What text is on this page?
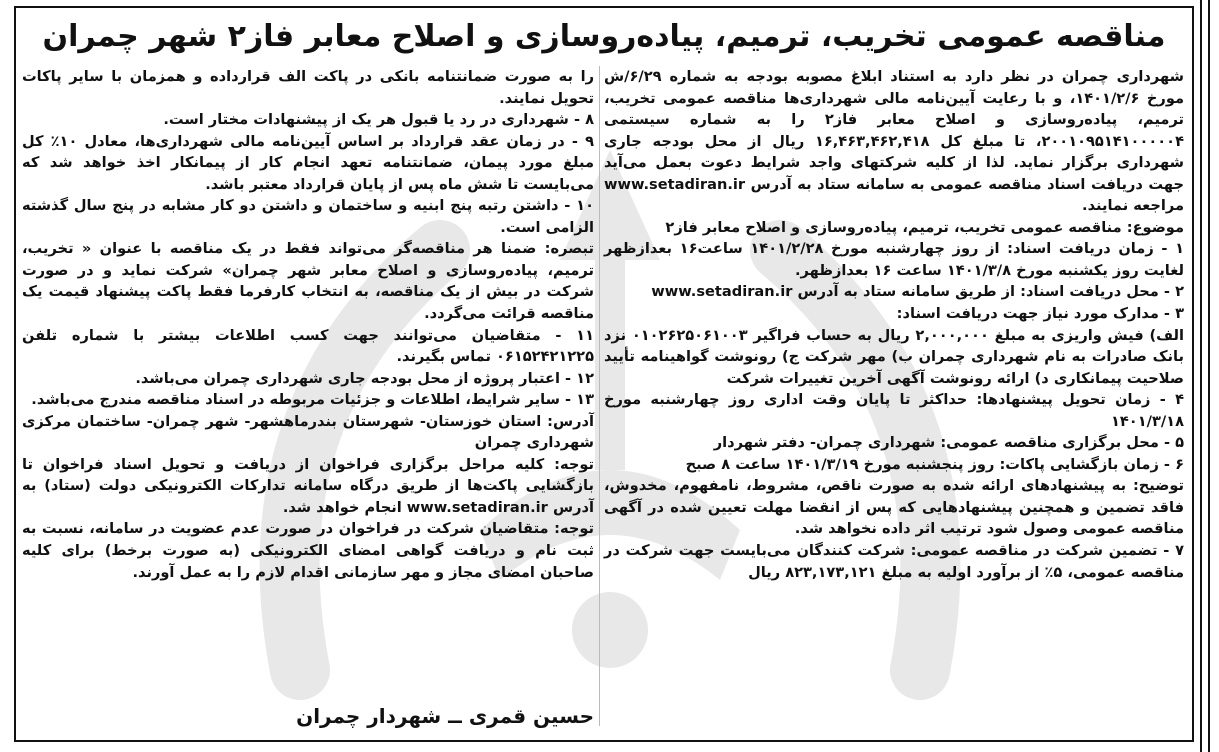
مناقصه عمومی تخریب، ترمیم، پیاده‌روسازی و اصلاح معابر فاز۲ شهر چمران

شهرداری چمران در نظر دارد به استناد ابلاغ مصوبه بودجه به شماره ۶/۲۹/ش مورخ ۱۴۰۱/۲/۶، و با رعایت آیین‌نامه مالی شهرداری‌ها مناقصه عمومی تخریب، ترمیم، پیاده‌روسازی و اصلاح معابر فاز۲ را به شماره سیستمی ۲۰۰۱۰۹۵۱۴۱۰۰۰۰۰۴، تا مبلغ کل ۱۶,۴۶۳,۴۶۲,۴۱۸ ریال از محل بودجه جاری شهرداری برگزار نماید. لذا از کلیه شرکتهای واجد شرایط دعوت بعمل می‌آید جهت دریافت اسناد مناقصه عمومی به سامانه ستاد به آدرس www.setadiran.ir مراجعه نمایند.

موضوع: مناقصه عمومی تخریب، ترمیم، پیاده‌روسازی و اصلاح معابر فاز۲

۱ - زمان دریافت اسناد: از روز چهارشنبه مورخ ۱۴۰۱/۲/۲۸ ساعت۱۶ بعدازظهر لغایت روز یکشنبه مورخ ۱۴۰۱/۳/۸ ساعت ۱۶ بعدازظهر.

۲ - محل دریافت اسناد: از طریق سامانه ستاد به آدرس www.setadiran.ir

۳ - مدارک مورد نیاز جهت دریافت اسناد:

الف) فیش واریزی به مبلغ ۲,۰۰۰,۰۰۰ ریال به حساب فراگیر ۰۱۰۲۶۲۵۰۶۱۰۰۳ نزد بانک صادرات به نام شهرداری چمران ب) مهر شرکت ج) رونوشت گواهینامه تأیید صلاحیت پیمانکاری د) ارائه رونوشت آگهی آخرین تغییرات شرکت

۴ - زمان تحویل پیشنهادها: حداکثر تا پایان وقت اداری روز چهارشنبه مورخ ۱۴۰۱/۳/۱۸

۵ - محل برگزاری مناقصه عمومی: شهرداری چمران- دفتر شهردار

۶ - زمان بازگشایی پاکات: روز پنجشنبه مورخ ۱۴۰۱/۳/۱۹ ساعت ۸ صبح

توضیح: به پیشنهادهای ارائه شده به صورت ناقص، مشروط، نامفهوم، مخدوش، فاقد تضمین و همچنین پیشنهادهایی که پس از انقضا مهلت تعیین شده در آگهی مناقصه عمومی وصول شود ترتیب اثر داده نخواهد شد.

۷ - تضمین شرکت در مناقصه عمومی: شرکت کنندگان می‌بایست جهت شرکت در مناقصه عمومی، ۵٪ از برآورد اولیه به مبلغ ۸۲۳,۱۷۳,۱۲۱ ریال

را به صورت ضمانتنامه بانکی در پاکت الف قرارداده و همزمان با سایر پاکات تحویل نمایند.

۸ - شهرداری در رد یا قبول هر یک از پیشنهادات مختار است.

۹ - در زمان عقد قرارداد بر اساس آیین‌نامه مالی شهرداری‌ها، معادل ۱۰٪ کل مبلغ مورد پیمان، ضمانتنامه تعهد انجام کار از پیمانکار اخذ خواهد شد که می‌بایست تا شش ماه پس از پایان قرارداد معتبر باشد.

۱۰ - داشتن رتبه پنج ابنیه و ساختمان و داشتن دو کار مشابه در پنج سال گذشته الزامی است.

تبصره: ضمنا هر مناقصه‌گر می‌تواند فقط در یک مناقصه با عنوان « تخریب، ترمیم، پیاده‌روسازی و اصلاح معابر شهر چمران» شرکت نماید و در صورت شرکت در بیش از یک مناقصه، به انتخاب کارفرما فقط پاکت پیشنهاد قیمت یک مناقصه قرائت می‌گردد.

۱۱ - متقاضیان می‌توانند جهت کسب اطلاعات بیشتر با شماره تلفن ۰۶۱۵۲۴۲۱۲۲۵ تماس بگیرند.

۱۲ - اعتبار پروژه از محل بودجه جاری شهرداری چمران می‌باشد.

۱۳ - سایر شرایط، اطلاعات و جزئیات مربوطه در اسناد مناقصه مندرج می‌باشد.

آدرس: استان خوزستان- شهرستان بندرماهشهر- شهر چمران- ساختمان مرکزی شهرداری چمران

توجه: کلیه مراحل برگزاری فراخوان از دریافت و تحویل اسناد فراخوان تا بازگشایی پاکت‌ها از طریق درگاه سامانه تدارکات الکترونیکی دولت (ستاد) به آدرس www.setadiran.ir انجام خواهد شد.

توجه: متقاضیان شرکت در فراخوان در صورت عدم عضویت در سامانه، نسبت به ثبت نام و دریافت گواهی امضای الکترونیکی (به صورت برخط) برای کلیه صاحبان امضای مجاز و مهر سازمانی اقدام لازم را به عمل آورند.

حسین قمری ــ شهردار چمران
